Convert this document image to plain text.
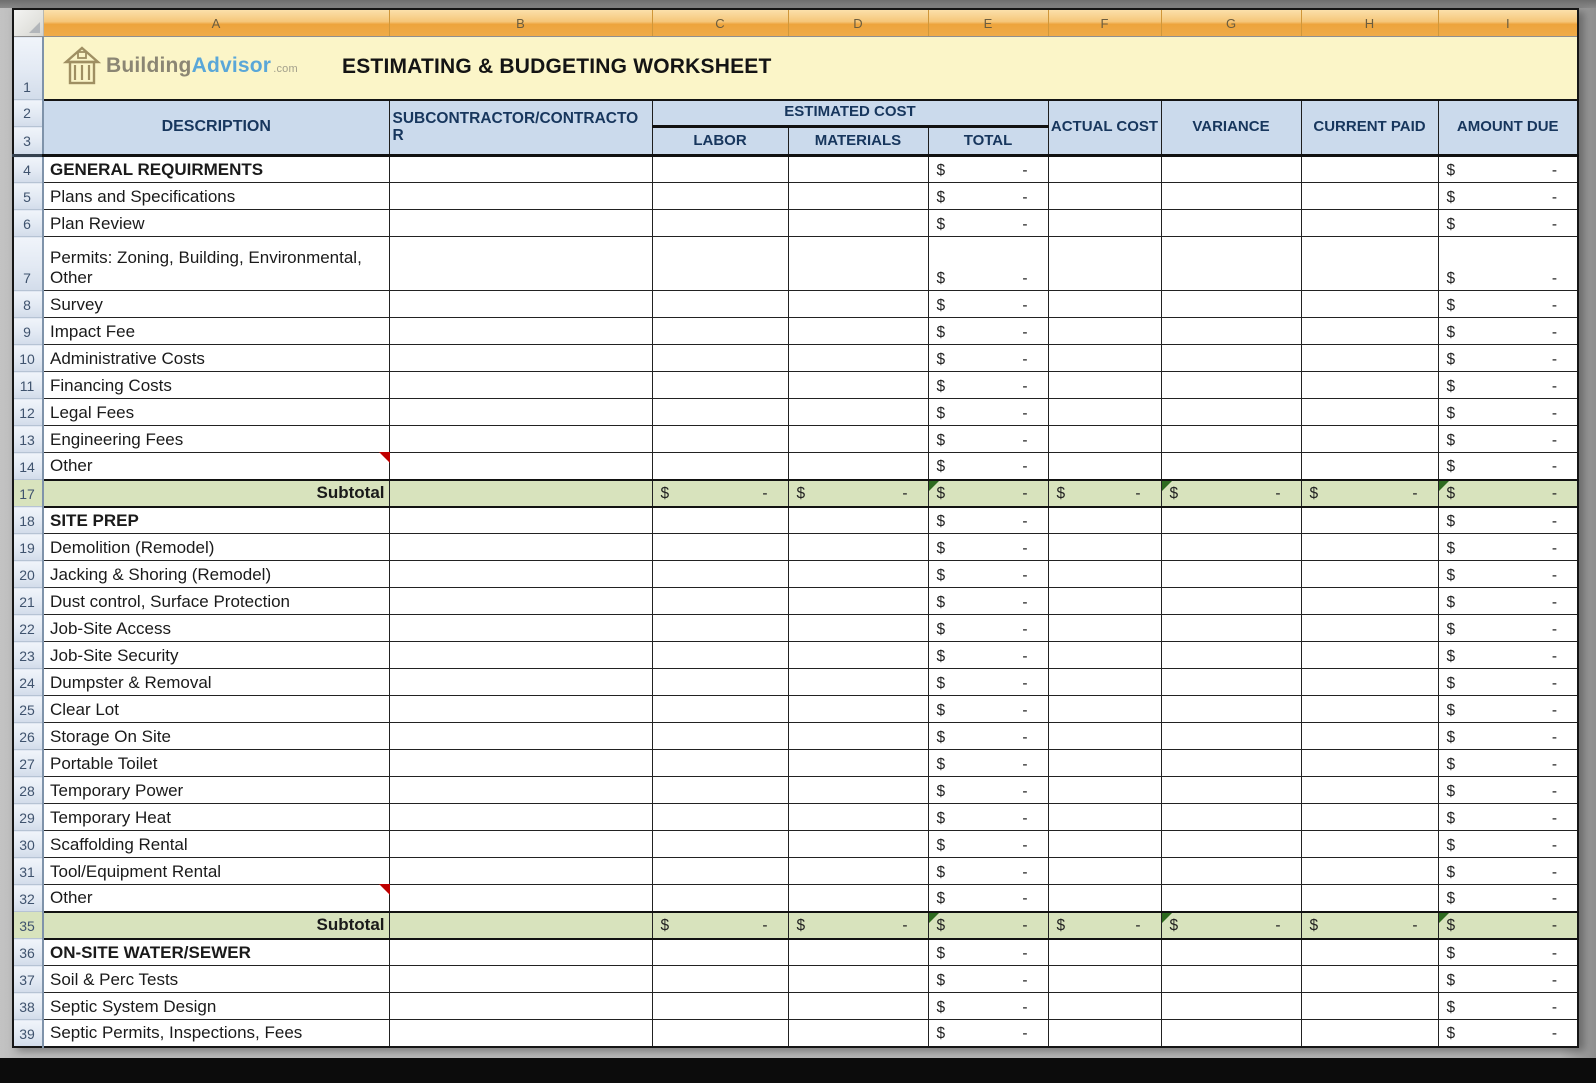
	A	B	C	D	E	F	G	H	I
1	BuildingAdvisor .com ESTIMATING & BUDGETING WORKSHEET								

2	DESCRIPTION	SUBCONTRACTOR/CONTRACTOR	ESTIMATED COST			ACTUAL COST	VARIANCE	CURRENT PAID	AMOUNT DUE
3			LABOR	MATERIALS	TOTAL				
4	GENERAL REQUIRMENTS				$ -				$ -

5	Plans and Specifications				$ -				$ -

6	Plan Review				$ -				$ -

7	Permits: Zoning, Building, Environmental, Other				$ -				$ -

8	Survey				$ -				$ -

9	Impact Fee				$ -				$ -

10	Administrative Costs				$ -				$ -

11	Financing Costs				$ -				$ -

12	Legal Fees				$ -				$ -

13	Engineering Fees				$ -				$ -

14	Other				$ -				$ -

17	Subtotal		$ -	$ -	$ -	$ -	$ -	$ -	$ -

18	SITE PREP				$ -				$ -

19	Demolition (Remodel)				$ -				$ -

20	Jacking & Shoring (Remodel)				$ -				$ -

21	Dust control, Surface Protection				$ -				$ -

22	Job-Site Access				$ -				$ -

23	Job-Site Security				$ -				$ -

24	Dumpster & Removal				$ -				$ -

25	Clear Lot				$ -				$ -

26	Storage On Site				$ -				$ -

27	Portable Toilet				$ -				$ -

28	Temporary Power				$ -				$ -

29	Temporary Heat				$ -				$ -

30	Scaffolding Rental				$ -				$ -

31	Tool/Equipment Rental				$ -				$ -

32	Other				$ -				$ -

35	Subtotal		$ -	$ -	$ -	$ -	$ -	$ -	$ -

36	ON-SITE WATER/SEWER				$ -				$ -

37	Soil & Perc Tests				$ -				$ -

38	Septic System Design				$ -				$ -

39	Septic Permits, Inspections, Fees				$ -				$ -
